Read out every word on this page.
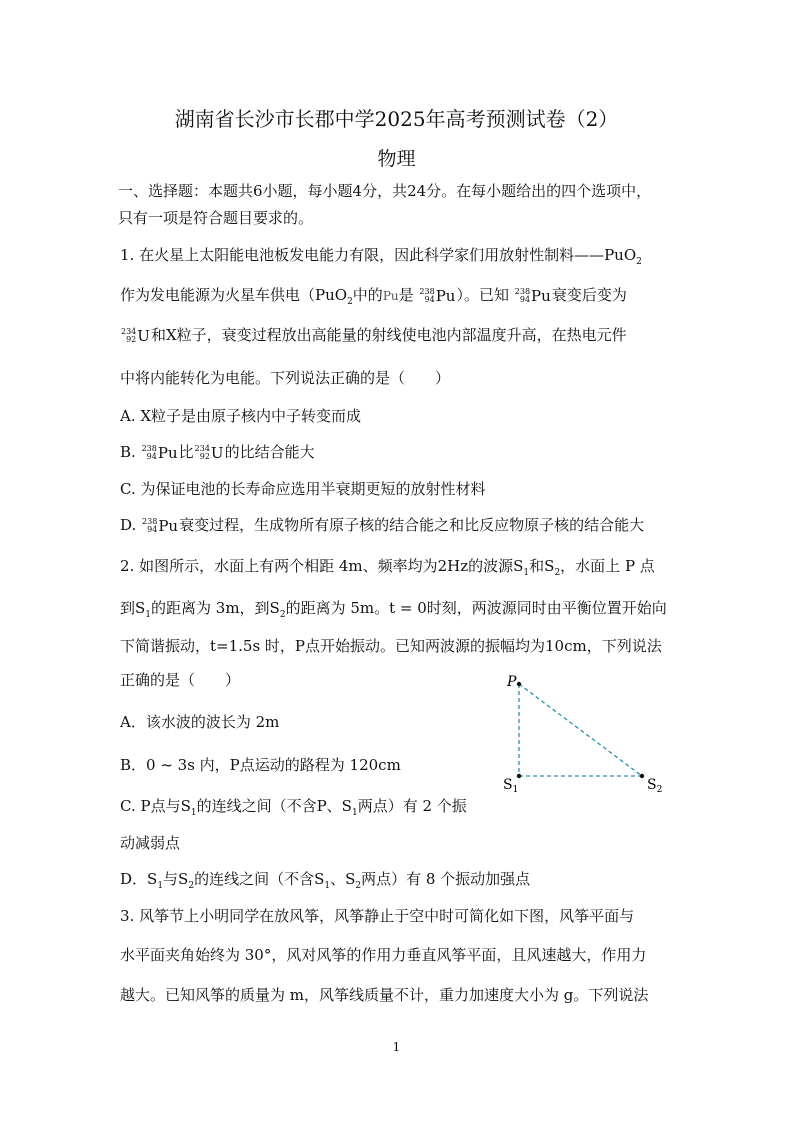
湖南省长沙市长郡中学2025年高考预测试卷（2）
物理
一、选择题：本题共6小题，每小题4分，共24分。在每小题给出的四个选项中，
只有一项是符合题目要求的。
1. 在火星上太阳能电池板发电能力有限，因此科学家们用放射性制料——PuO$_2$
作为发电能源为火星车供电（PuO$_2$中的Pu是 238
94 Pu ）。已知 238
94 Pu 衰变后变为
234
92 U 和X粒子，衰变过程放出高能量的射线使电池内部温度升高，在热电元件
中将内能转化为电能。下列说法正确的是（　　）
A. X粒子是由原子核内中子转变而成
B. 238
94 Pu 比 234
92 U 的比结合能大
C. 为保证电池的长寿命应选用半衰期更短的放射性材料
D. 238
94 Pu 衰变过程，生成物所有原子核的结合能之和比反应物原子核的结合能大
2. 如图所示，水面上有两个相距 4m、频率均为2Hz的波源$S_1$和$S_2$，水面上 P 点
到$S_1$的距离为 3m，到$S_2$的距离为 5m。t = 0时刻，两波源同时由平衡位置开始向
下简谐振动，t=1.5s 时，P点开始振动。已知两波源的振幅均为10cm，下列说法
正确的是（　　）
A．该水波的波长为 2m
B．0 ~ 3s 内，P点运动的路程为 120cm
C. P点与$S_1$的连线之间（不含P、$S_1$两点）有 2 个振
动减弱点
D．$S_1$与$S_2$的连线之间（不含$S_1$、$S_2$两点）有 8 个振动加强点
P
$S_1$	$S_2$
3. 风筝节上小明同学在放风筝，风筝静止于空中时可简化如下图，风筝平面与
水平面夹角始终为 30°，风对风筝的作用力垂直风筝平面，且风速越大，作用力
越大。已知风筝的质量为 m，风筝线质量不计，重力加速度大小为 g。下列说法
1
